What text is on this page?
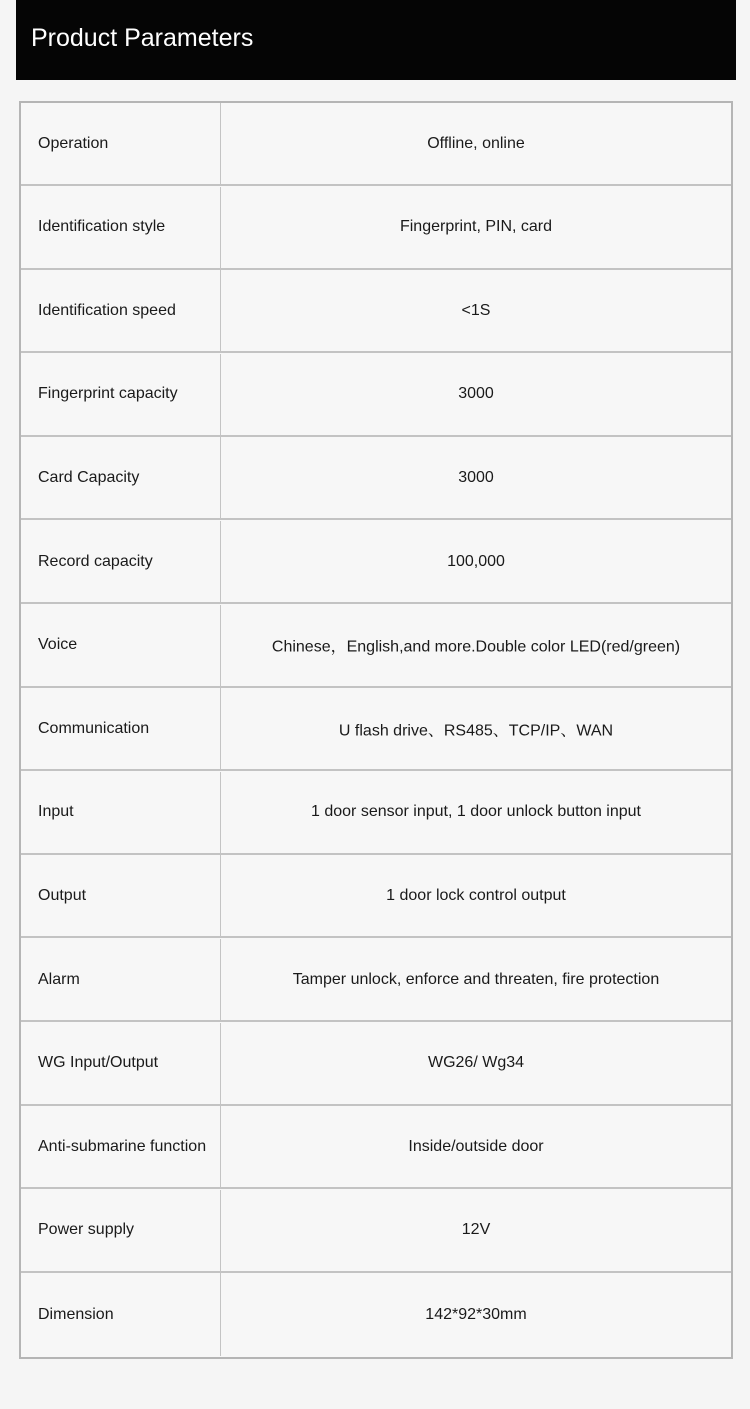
Product Parameters
Operation	Offline, online
Identification style	Fingerprint, PIN, card
Identification speed	<1S
Fingerprint capacity	3000
Card Capacity	3000
Record capacity	100,000
Voice	Chinese，English,and more.Double color LED(red/green)
Communication	U flash drive、RS485、TCP/IP、WAN
Input	1 door sensor input, 1 door unlock button input
Output	1 door lock control output
Alarm	Tamper unlock, enforce and threaten, fire protection
WG Input/Output	WG26/ Wg34
Anti-submarine function	Inside/outside door
Power supply	12V
Dimension	142*92*30mm
